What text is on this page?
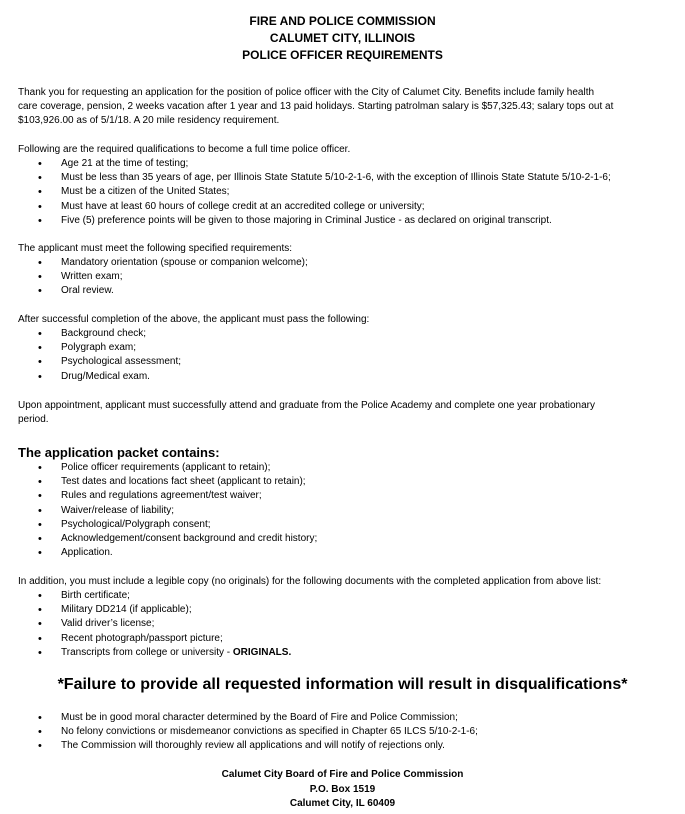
FIRE AND POLICE COMMISSION
CALUMET CITY, ILLINOIS
POLICE OFFICER REQUIREMENTS
Thank you for requesting an application for the position of police officer with the City of Calumet City. Benefits include family health
care coverage, pension, 2 weeks vacation after 1 year and 13 paid holidays. Starting patrolman salary is $57,325.43; salary tops out at
$103,926.00 as of 5/1/18. A 20 mile residency requirement.
Following are the required qualifications to become a full time police officer.
• Age 21 at the time of testing;
• Must be less than 35 years of age, per Illinois State Statute 5/10-2-1-6, with the exception of Illinois State Statute 5/10-2-1-6;
• Must be a citizen of the United States;
• Must have at least 60 hours of college credit at an accredited college or university;
• Five (5) preference points will be given to those majoring in Criminal Justice - as declared on original transcript.
The applicant must meet the following specified requirements:
• Mandatory orientation (spouse or companion welcome);
• Written exam;
• Oral review.
After successful completion of the above, the applicant must pass the following:
• Background check;
• Polygraph exam;
• Psychological assessment;
• Drug/Medical exam.
Upon appointment, applicant must successfully attend and graduate from the Police Academy and complete one year probationary
period.
The application packet contains:
• Police officer requirements (applicant to retain);
• Test dates and locations fact sheet (applicant to retain);
• Rules and regulations agreement/test waiver;
• Waiver/release of liability;
• Psychological/Polygraph consent;
• Acknowledgement/consent background and credit history;
• Application.
In addition, you must include a legible copy (no originals) for the following documents with the completed application from above list:
• Birth certificate;
• Military DD214 (if applicable);
• Valid driver’s license;
• Recent photograph/passport picture;
• Transcripts from college or university - ORIGINALS.
*Failure to provide all requested information will result in disqualifications*
• Must be in good moral character determined by the Board of Fire and Police Commission;
• No felony convictions or misdemeanor convictions as specified in Chapter 65 ILCS 5/10-2-1-6;
• The Commission will thoroughly review all applications and will notify of rejections only.
Calumet City Board of Fire and Police Commission
P.O. Box 1519
Calumet City, IL 60409
